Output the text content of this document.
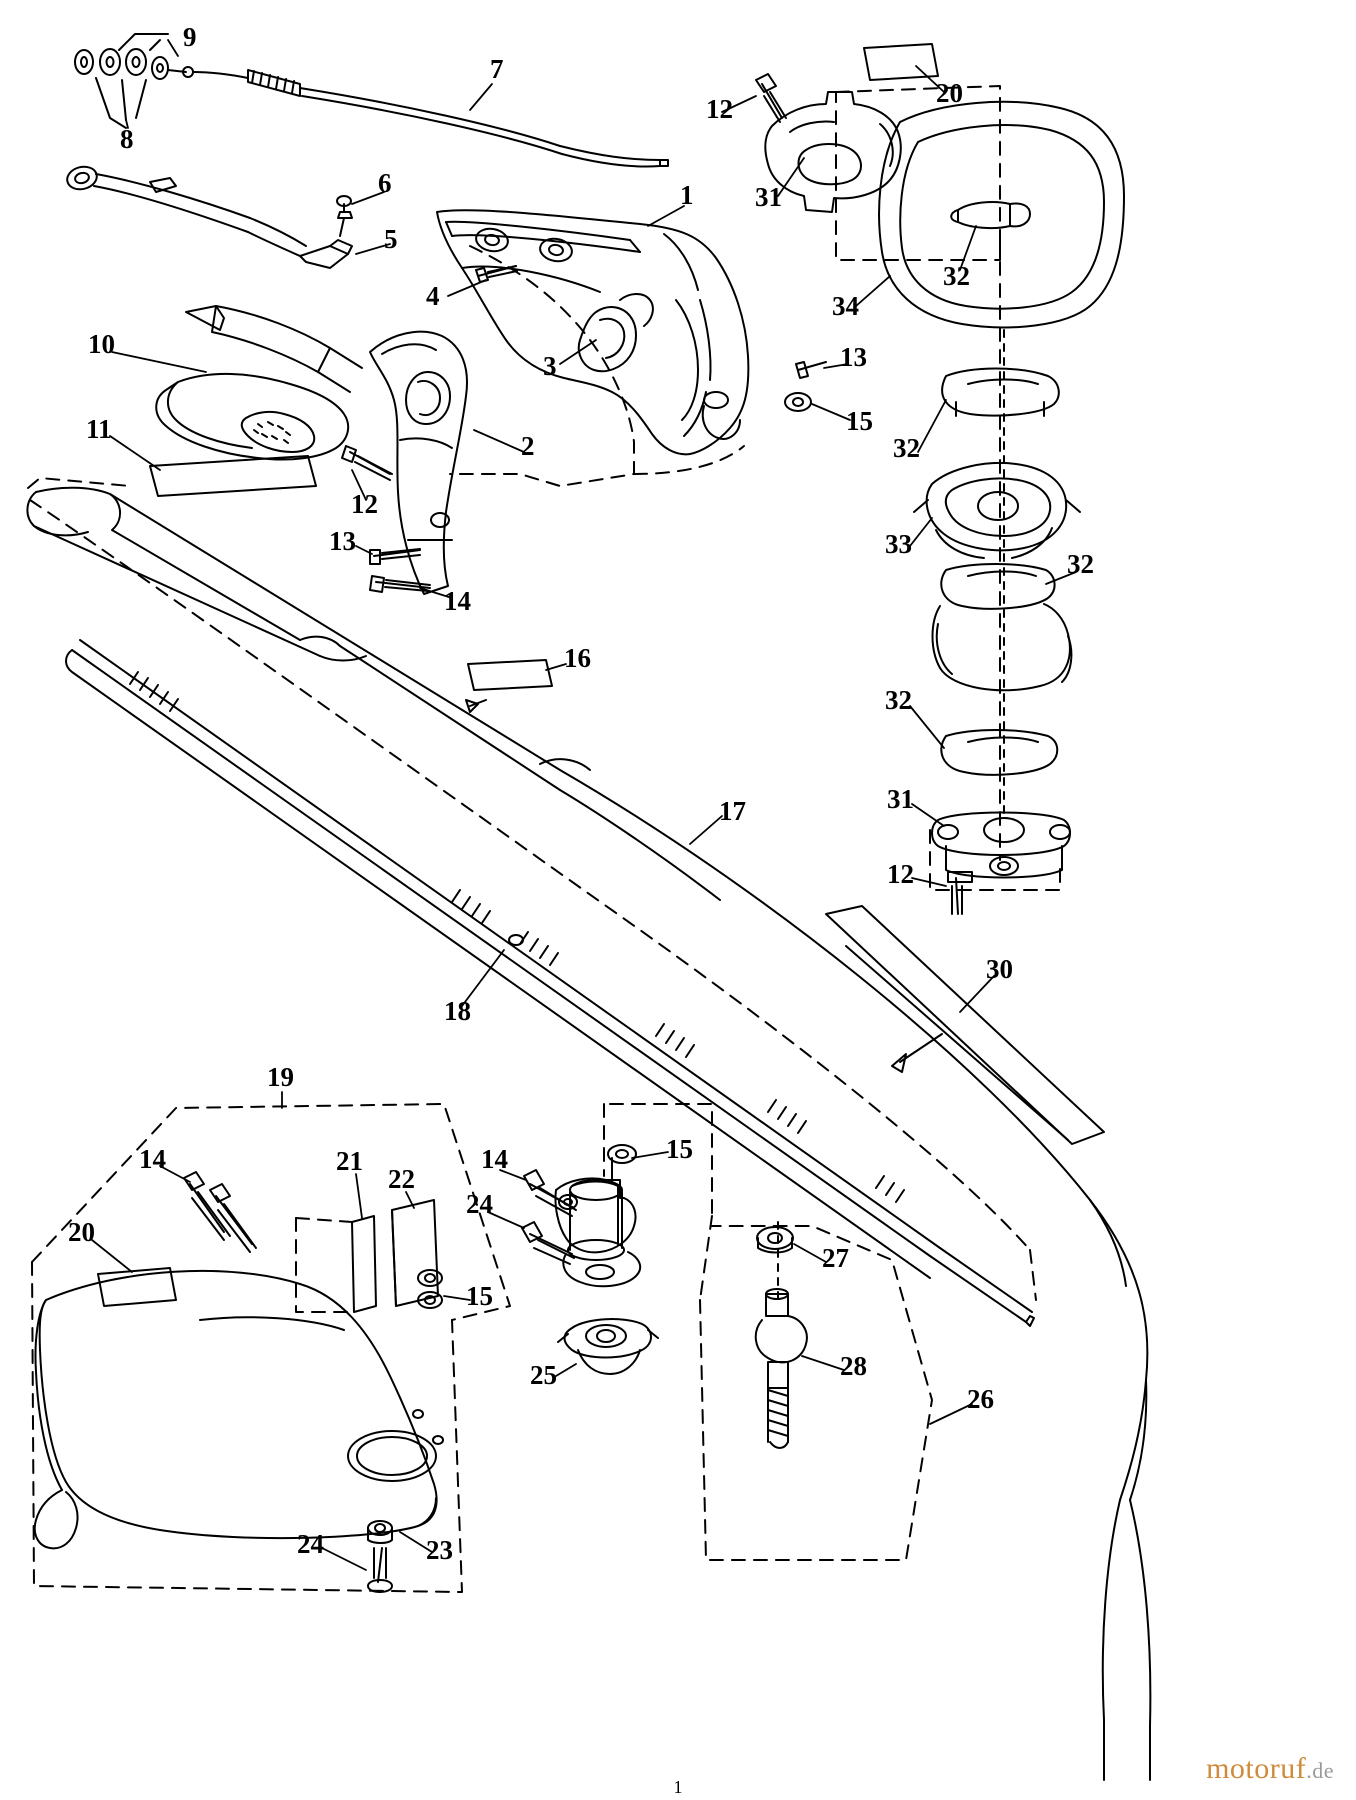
9
8
7
12
20
31
1
6
5
4
3
32
34
13
15
10
11
2	32
12
33
13
32
14
16
32
17	31
12
30
18
19
14	21
22
14	15
24
20
27
15
25	28
26
24	23
motoruf.de
1
